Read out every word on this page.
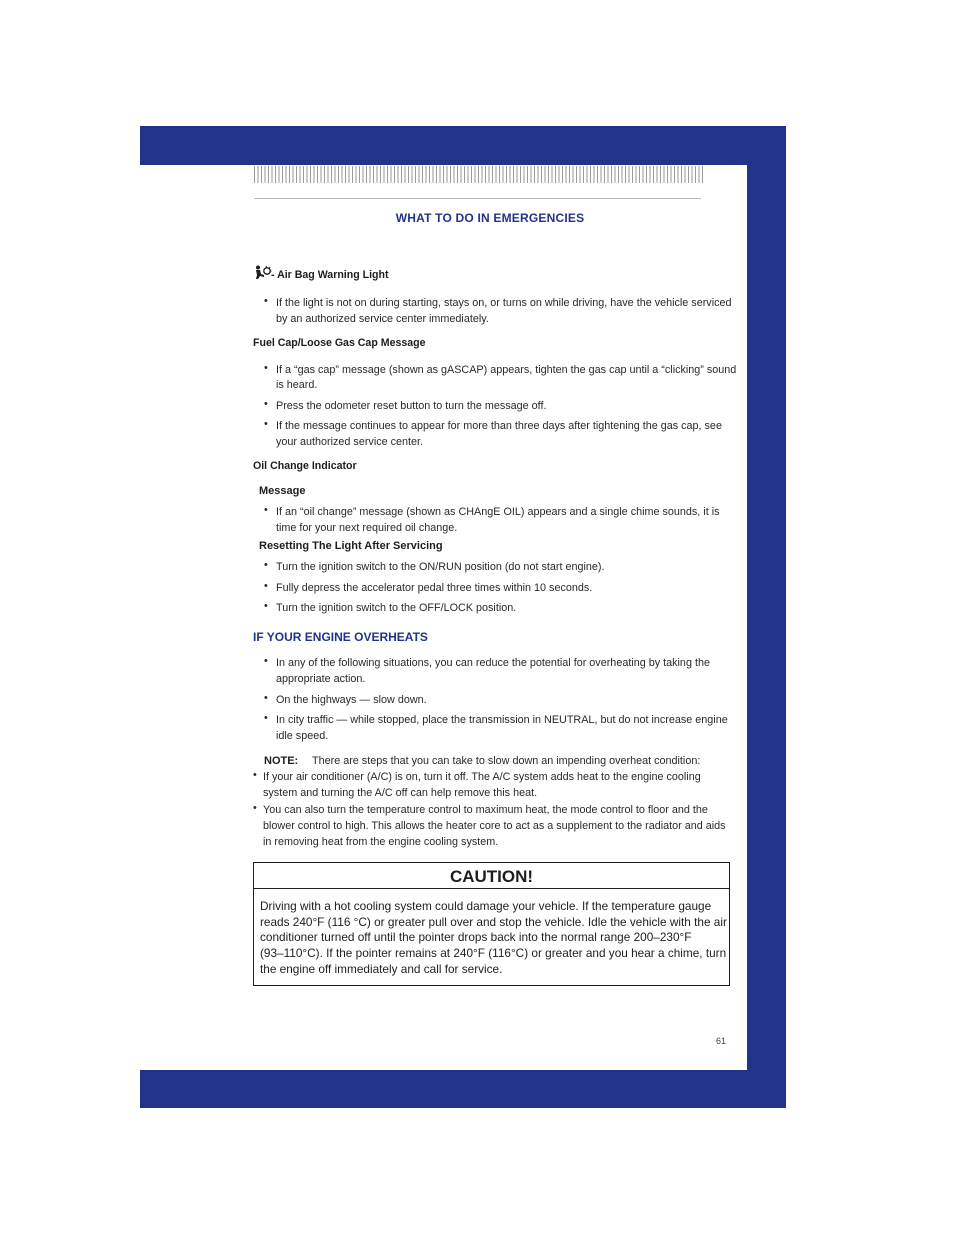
WHAT TO DO IN EMERGENCIES
- Air Bag Warning Light
• If the light is not on during starting, stays on, or turns on while driving, have the vehicle serviced
by an authorized service center immediately.
Fuel Cap/Loose Gas Cap Message
• If a “gas cap” message (shown as gASCAP) appears, tighten the gas cap until a “clicking” sound
is heard.
• Press the odometer reset button to turn the message off.
• If the message continues to appear for more than three days after tightening the gas cap, see
your authorized service center.
Oil Change Indicator
Message
• If an “oil change” message (shown as CHAngE OIL) appears and a single chime sounds, it is
time for your next required oil change.
Resetting The Light After Servicing
• Turn the ignition switch to the ON/RUN position (do not start engine).
• Fully depress the accelerator pedal three times within 10 seconds.
• Turn the ignition switch to the OFF/LOCK position.
IF YOUR ENGINE OVERHEATS
• In any of the following situations, you can reduce the potential for overheating by taking the
appropriate action.
• On the highways — slow down.
• In city traffic — while stopped, place the transmission in NEUTRAL, but do not increase engine
idle speed.
NOTE: There are steps that you can take to slow down an impending overheat condition:
• If your air conditioner (A/C) is on, turn it off. The A/C system adds heat to the engine cooling
system and turning the A/C off can help remove this heat.
• You can also turn the temperature control to maximum heat, the mode control to floor and the
blower control to high. This allows the heater core to act as a supplement to the radiator and aids
in removing heat from the engine cooling system.
CAUTION!
Driving with a hot cooling system could damage your vehicle. If the temperature gauge
reads 240°F (116 °C) or greater pull over and stop the vehicle. Idle the vehicle with the air
conditioner turned off until the pointer drops back into the normal range 200–230°F
(93–110°C). If the pointer remains at 240°F (116°C) or greater and you hear a chime, turn
the engine off immediately and call for service.
61
